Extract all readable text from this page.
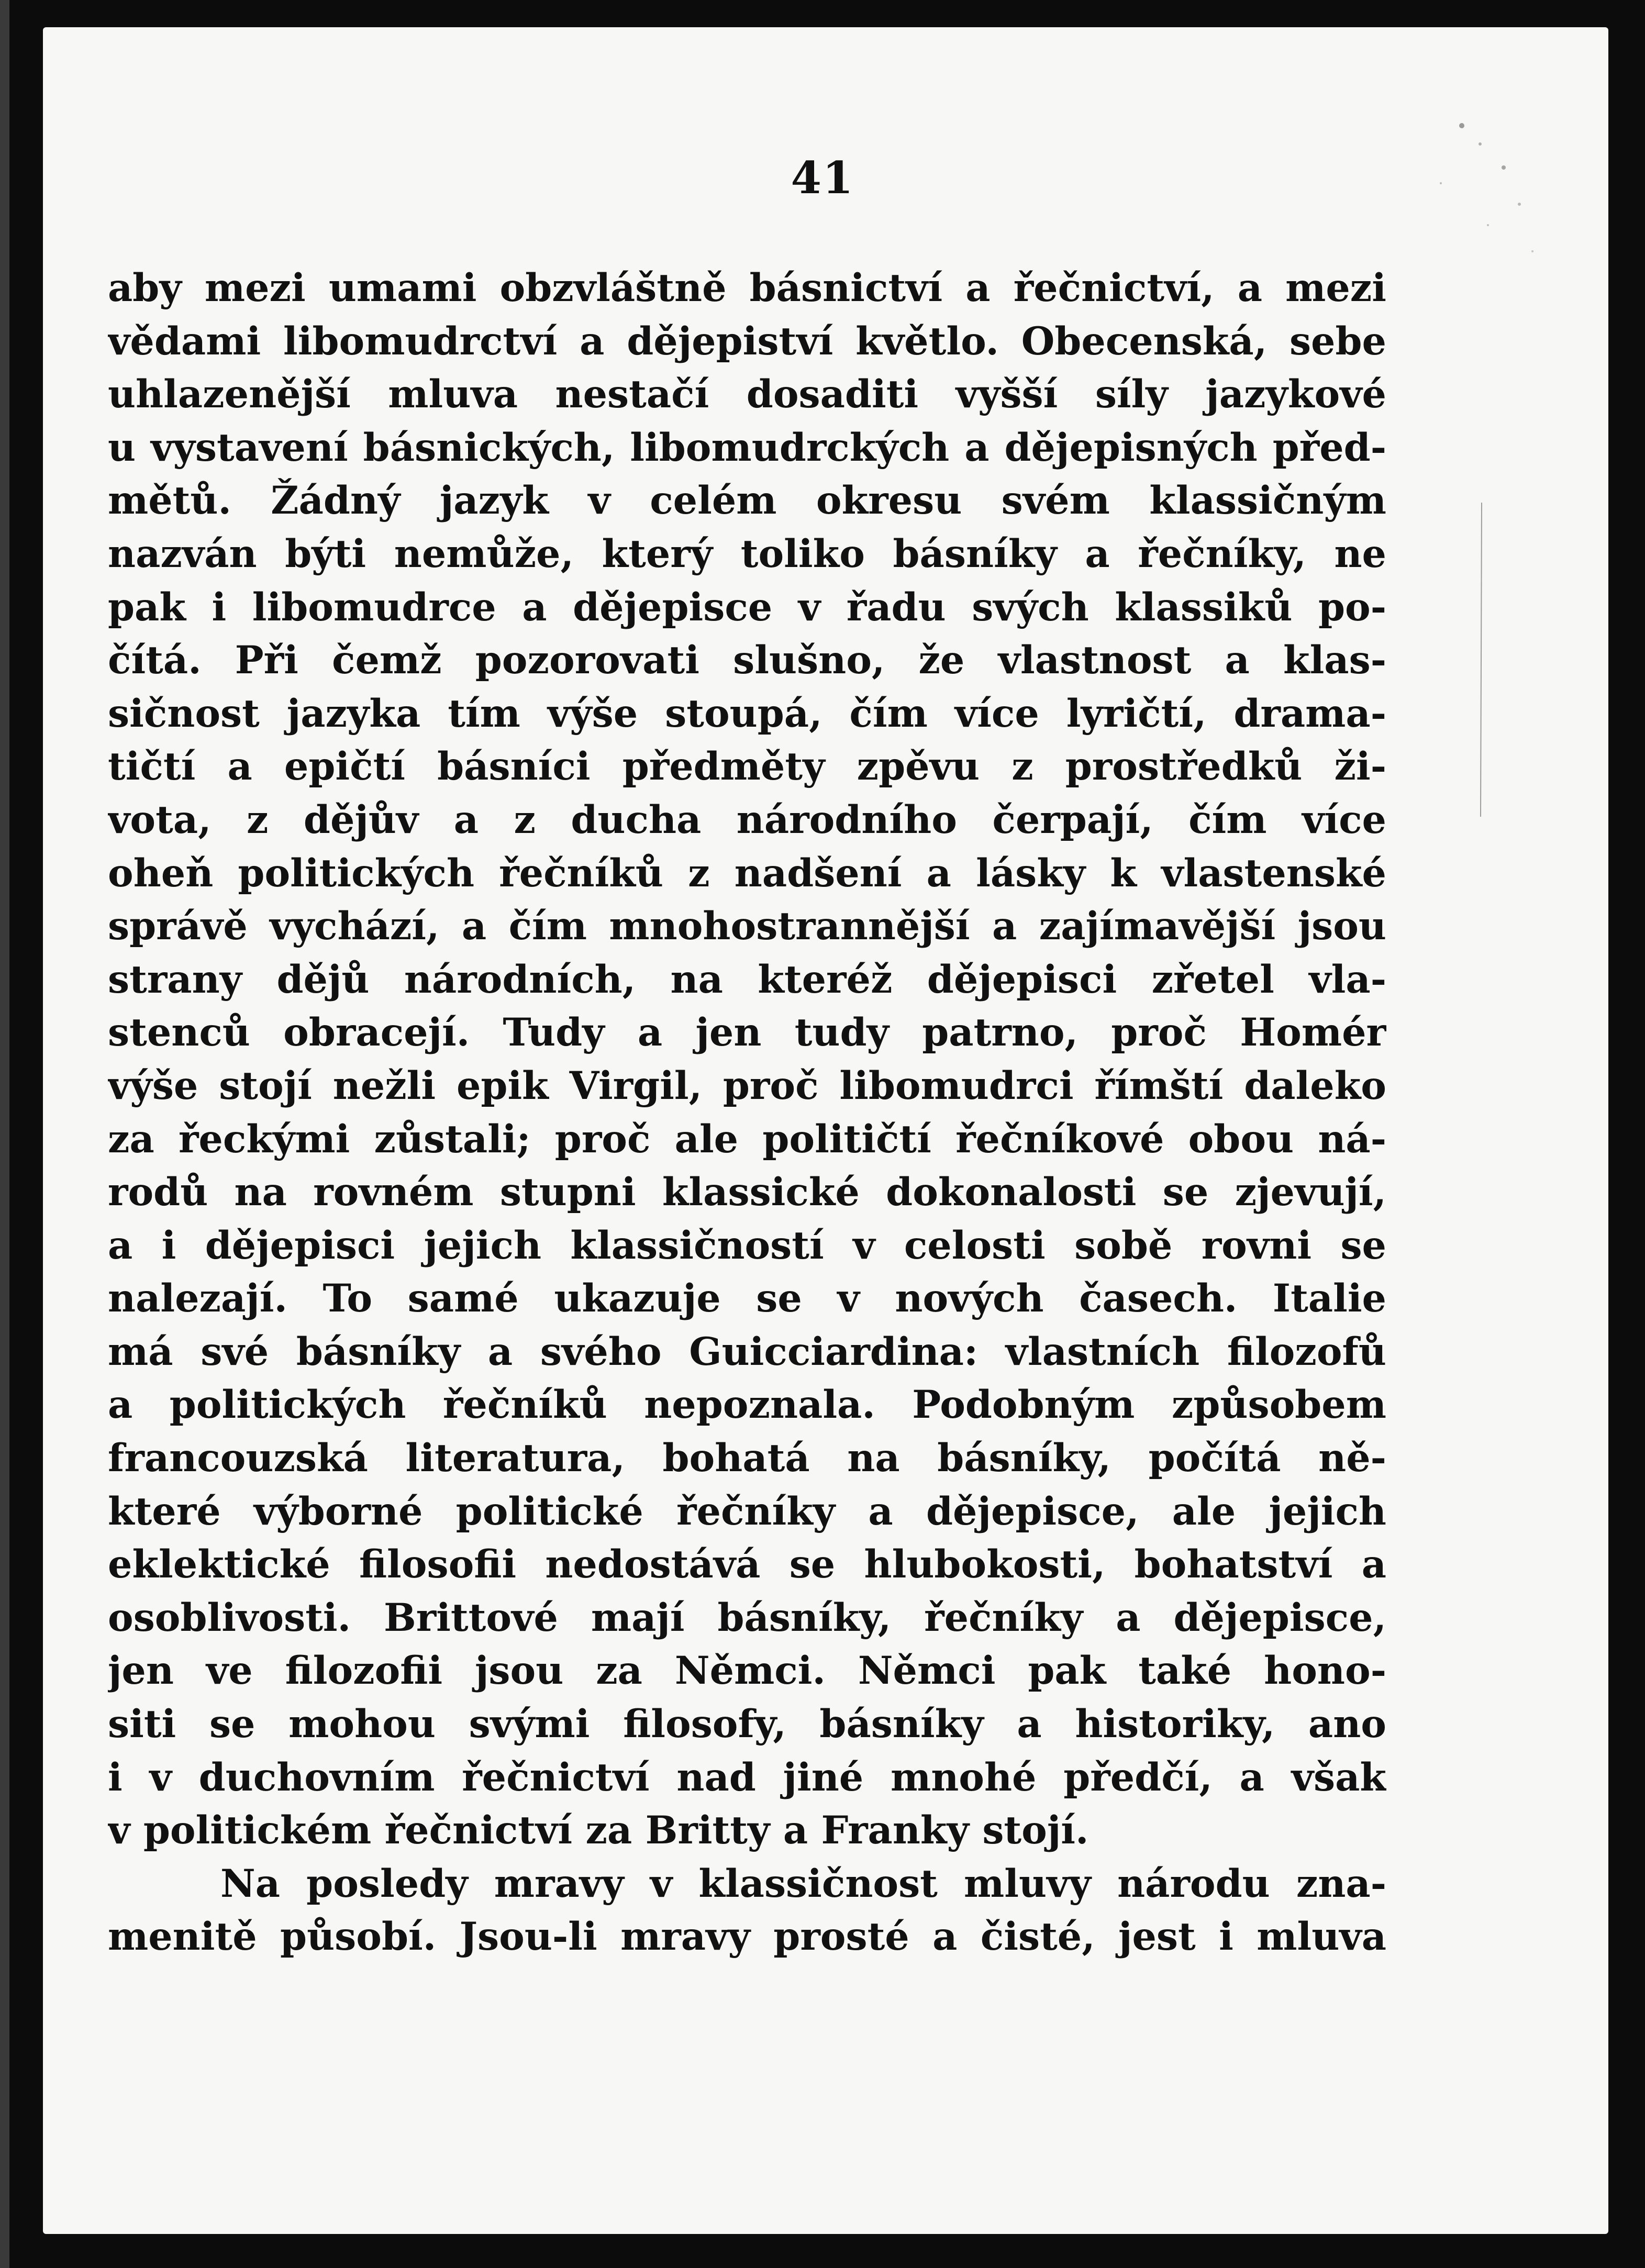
41
aby mezi umami obzvláštně básnictví a řečnictví, a mezi
vědami libomudrctví a dějepiství květlo. Obecenská, sebe
uhlazenější mluva nestačí dosaditi vyšší síly jazykové
u vystavení básnických, libomudrckých a dějepisných před-
mětů. Žádný jazyk v celém okresu svém klassičným
nazván býti nemůže, který toliko básníky a řečníky, ne
pak i libomudrce a dějepisce v řadu svých klassiků po-
čítá. Při čemž pozorovati slušno, že vlastnost a klas-
sičnost jazyka tím výše stoupá, čím více lyričtí, drama-
tičtí a epičtí básníci předměty zpěvu z prostředků ži-
vota, z dějův a z ducha národního čerpají, čím více
oheň politických řečníků z nadšení a lásky k vlastenské
správě vychází, a čím mnohostrannější a zajímavější jsou
strany dějů národních, na kteréž dějepisci zřetel vla-
stenců obracejí. Tudy a jen tudy patrno, proč Homér
výše stojí nežli epik Virgil, proč libomudrci římští daleko
za řeckými zůstali; proč ale političtí řečníkové obou ná-
rodů na rovném stupni klassické dokonalosti se zjevují,
a i dějepisci jejich klassičností v celosti sobě rovni se
nalezají. To samé ukazuje se v nových časech. Italie
má své básníky a svého Guicciardina: vlastních filozofů
a politických řečníků nepoznala. Podobným způsobem
francouzská literatura, bohatá na básníky, počítá ně-
které výborné politické řečníky a dějepisce, ale jejich
eklektické filosofii nedostává se hlubokosti, bohatství a
osoblivosti. Brittové mají básníky, řečníky a dějepisce,
jen ve filozofii jsou za Němci. Němci pak také hono-
siti se mohou svými filosofy, básníky a historiky, ano
i v duchovním řečnictví nad jiné mnohé předčí, a však
v politickém řečnictví za Britty a Franky stojí.
Na posledy mravy v klassičnost mluvy národu zna-
menitě působí. Jsou-li mravy prosté a čisté, jest i mluva
